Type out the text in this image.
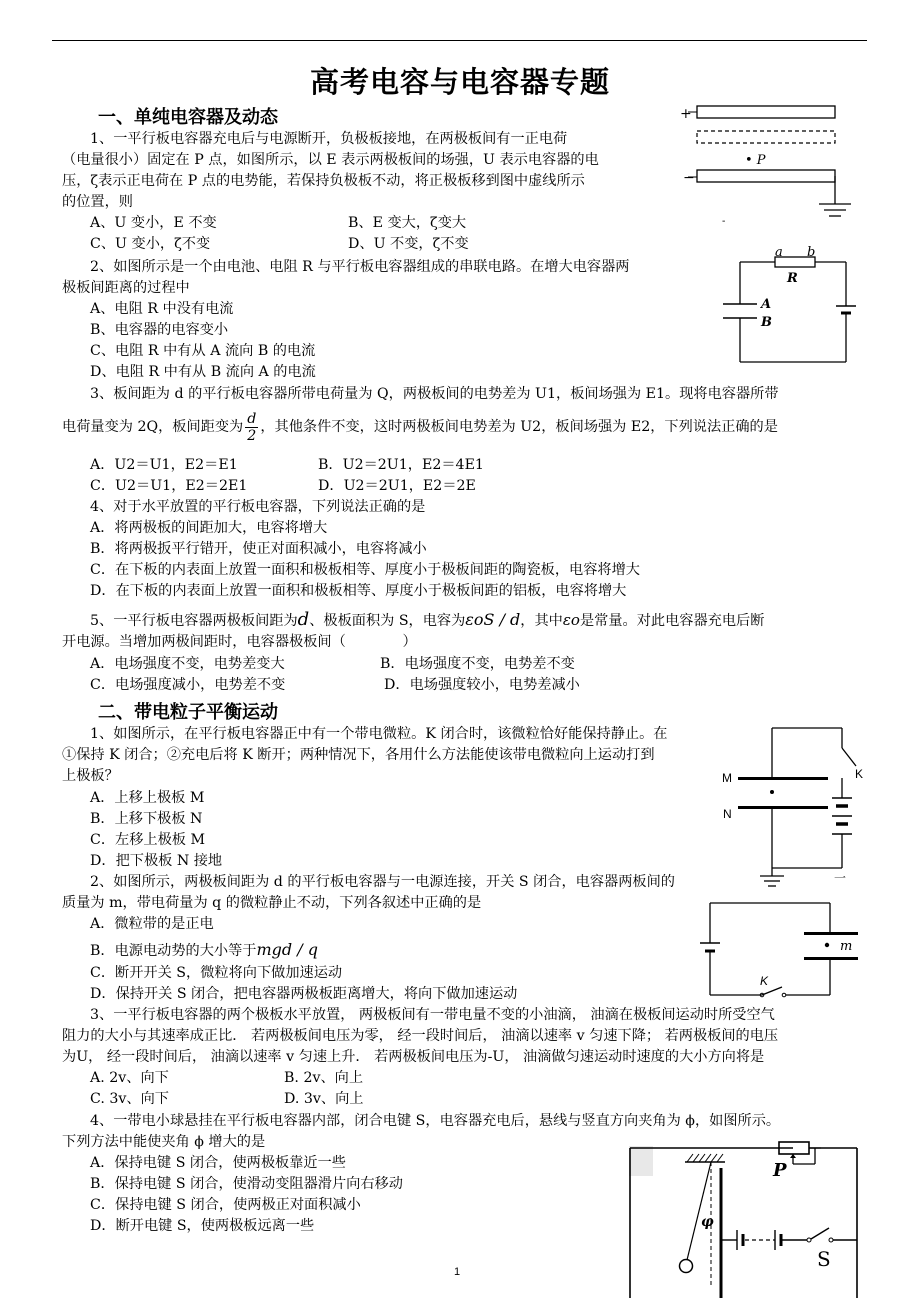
高考电容与电容器专题
一、单纯电容器及动态
1、一平行板电容器充电后与电源断开，负极板接地，在两极板间有一正电荷
（电量很小）固定在 P 点，如图所示，以 E 表示两极板间的场强，U 表示电容器的电
压，ζ表示正电荷在 P 点的电势能，若保持负极板不动，将正极板移到图中虚线所示
的位置，则
A、U 变小，E 不变	B、E 变大，ζ变大
C、U 变小，ζ不变	D、U 不变，ζ不变
+
• P
−
-
2、如图所示是一个由电池、电阻 R 与平行板电容器组成的串联电路。在增大电容器两
极板间距离的过程中
A、电阻 R 中没有电流
B、电容器的电容变小
C、电阻 R 中有从 A 流向 B 的电流
D、电阻 R 中有从 B 流向 A 的电流
a b
R
A
B
3、板间距为 d 的平行板电容器所带电荷量为 Q，两极板间的电势差为 U1，板间场强为 E1。现将电容器所带
电荷量变为 2Q，板间距变为 $\frac{d}{2}$ ，其他条件不变，这时两极板间电势差为 U2，板间场强为 E2，下列说法正确的是
A．U2＝U1，E2＝E1	B．U2＝2U1，E2＝4E1
C．U2＝U1，E2＝2E1	D．U2＝2U1，E2＝2E
4、对于水平放置的平行板电容器，下列说法正确的是
A．将两极板的间距加大，电容将增大
B．将两极扳平行错开，使正对面积减小，电容将减小
C．在下板的内表面上放置一面积和极板相等、厚度小于极板间距的陶瓷板，电容将增大
D．在下板的内表面上放置一面积和极板相等、厚度小于极板间距的铝板，电容将增大
5、一平行板电容器两极板间距为d、极板面积为 S，电容为εoS / d，其中εo是常量。对此电容器充电后断
开电源。当增加两极间距时，电容器极板间（　　　　）
A．电场强度不变，电势差变大	B．电场强度不变，电势差不变
C．电场强度减小，电势差不变	D．电场强度较小，电势差减小
二、带电粒子平衡运动
1、如图所示，在平行板电容器正中有一个带电微粒。K 闭合时，该微粒恰好能保持静止。在
①保持 K 闭合；②充电后将 K 断开；两种情况下，各用什么方法能使该带电微粒向上运动打到
上极板？
A．上移上极板 M
B．上移下极板 N
C．左移上极板 M
D．把下极板 N 接地
K
M
N
一
2、如图所示，两极板间距为 d 的平行板电容器与一电源连接，开关 S 闭合，电容器两板间的
质量为 m，带电荷量为 q 的微粒静止不动，下列各叙述中正确的是
A．微粒带的是正电
B．电源电动势的大小等于mgd / q
C．断开开关 S，微粒将向下做加速运动
D．保持开关 S 闭合，把电容器两极板距离增大，将向下做加速运动
m
K
3、一平行板电容器的两个极板水平放置， 两极板间有一带电量不变的小油滴， 油滴在极板间运动时所受空气
阻力的大小与其速率成正比． 若两极板间电压为零， 经一段时间后， 油滴以速率 v 匀速下降； 若两极板间的电压
为U， 经一段时间后， 油滴以速率 v 匀速上升． 若两极板间电压为-U， 油滴做匀速运动时速度的大小方向将是
A. 2v、向下	B. 2v、向上
C. 3v、向下	D. 3v、向上
4、一带电小球悬挂在平行板电容器内部，闭合电键 S，电容器充电后，悬线与竖直方向夹角为 ϕ，如图所示。
下列方法中能使夹角 ϕ 增大的是
A．保持电键 S 闭合，使两极板靠近一些
B．保持电键 S 闭合，使滑动变阻器滑片向右移动
C．保持电键 S 闭合，使两极正对面积减小
D．断开电键 S，使两极板远离一些
P
φ
S
1
